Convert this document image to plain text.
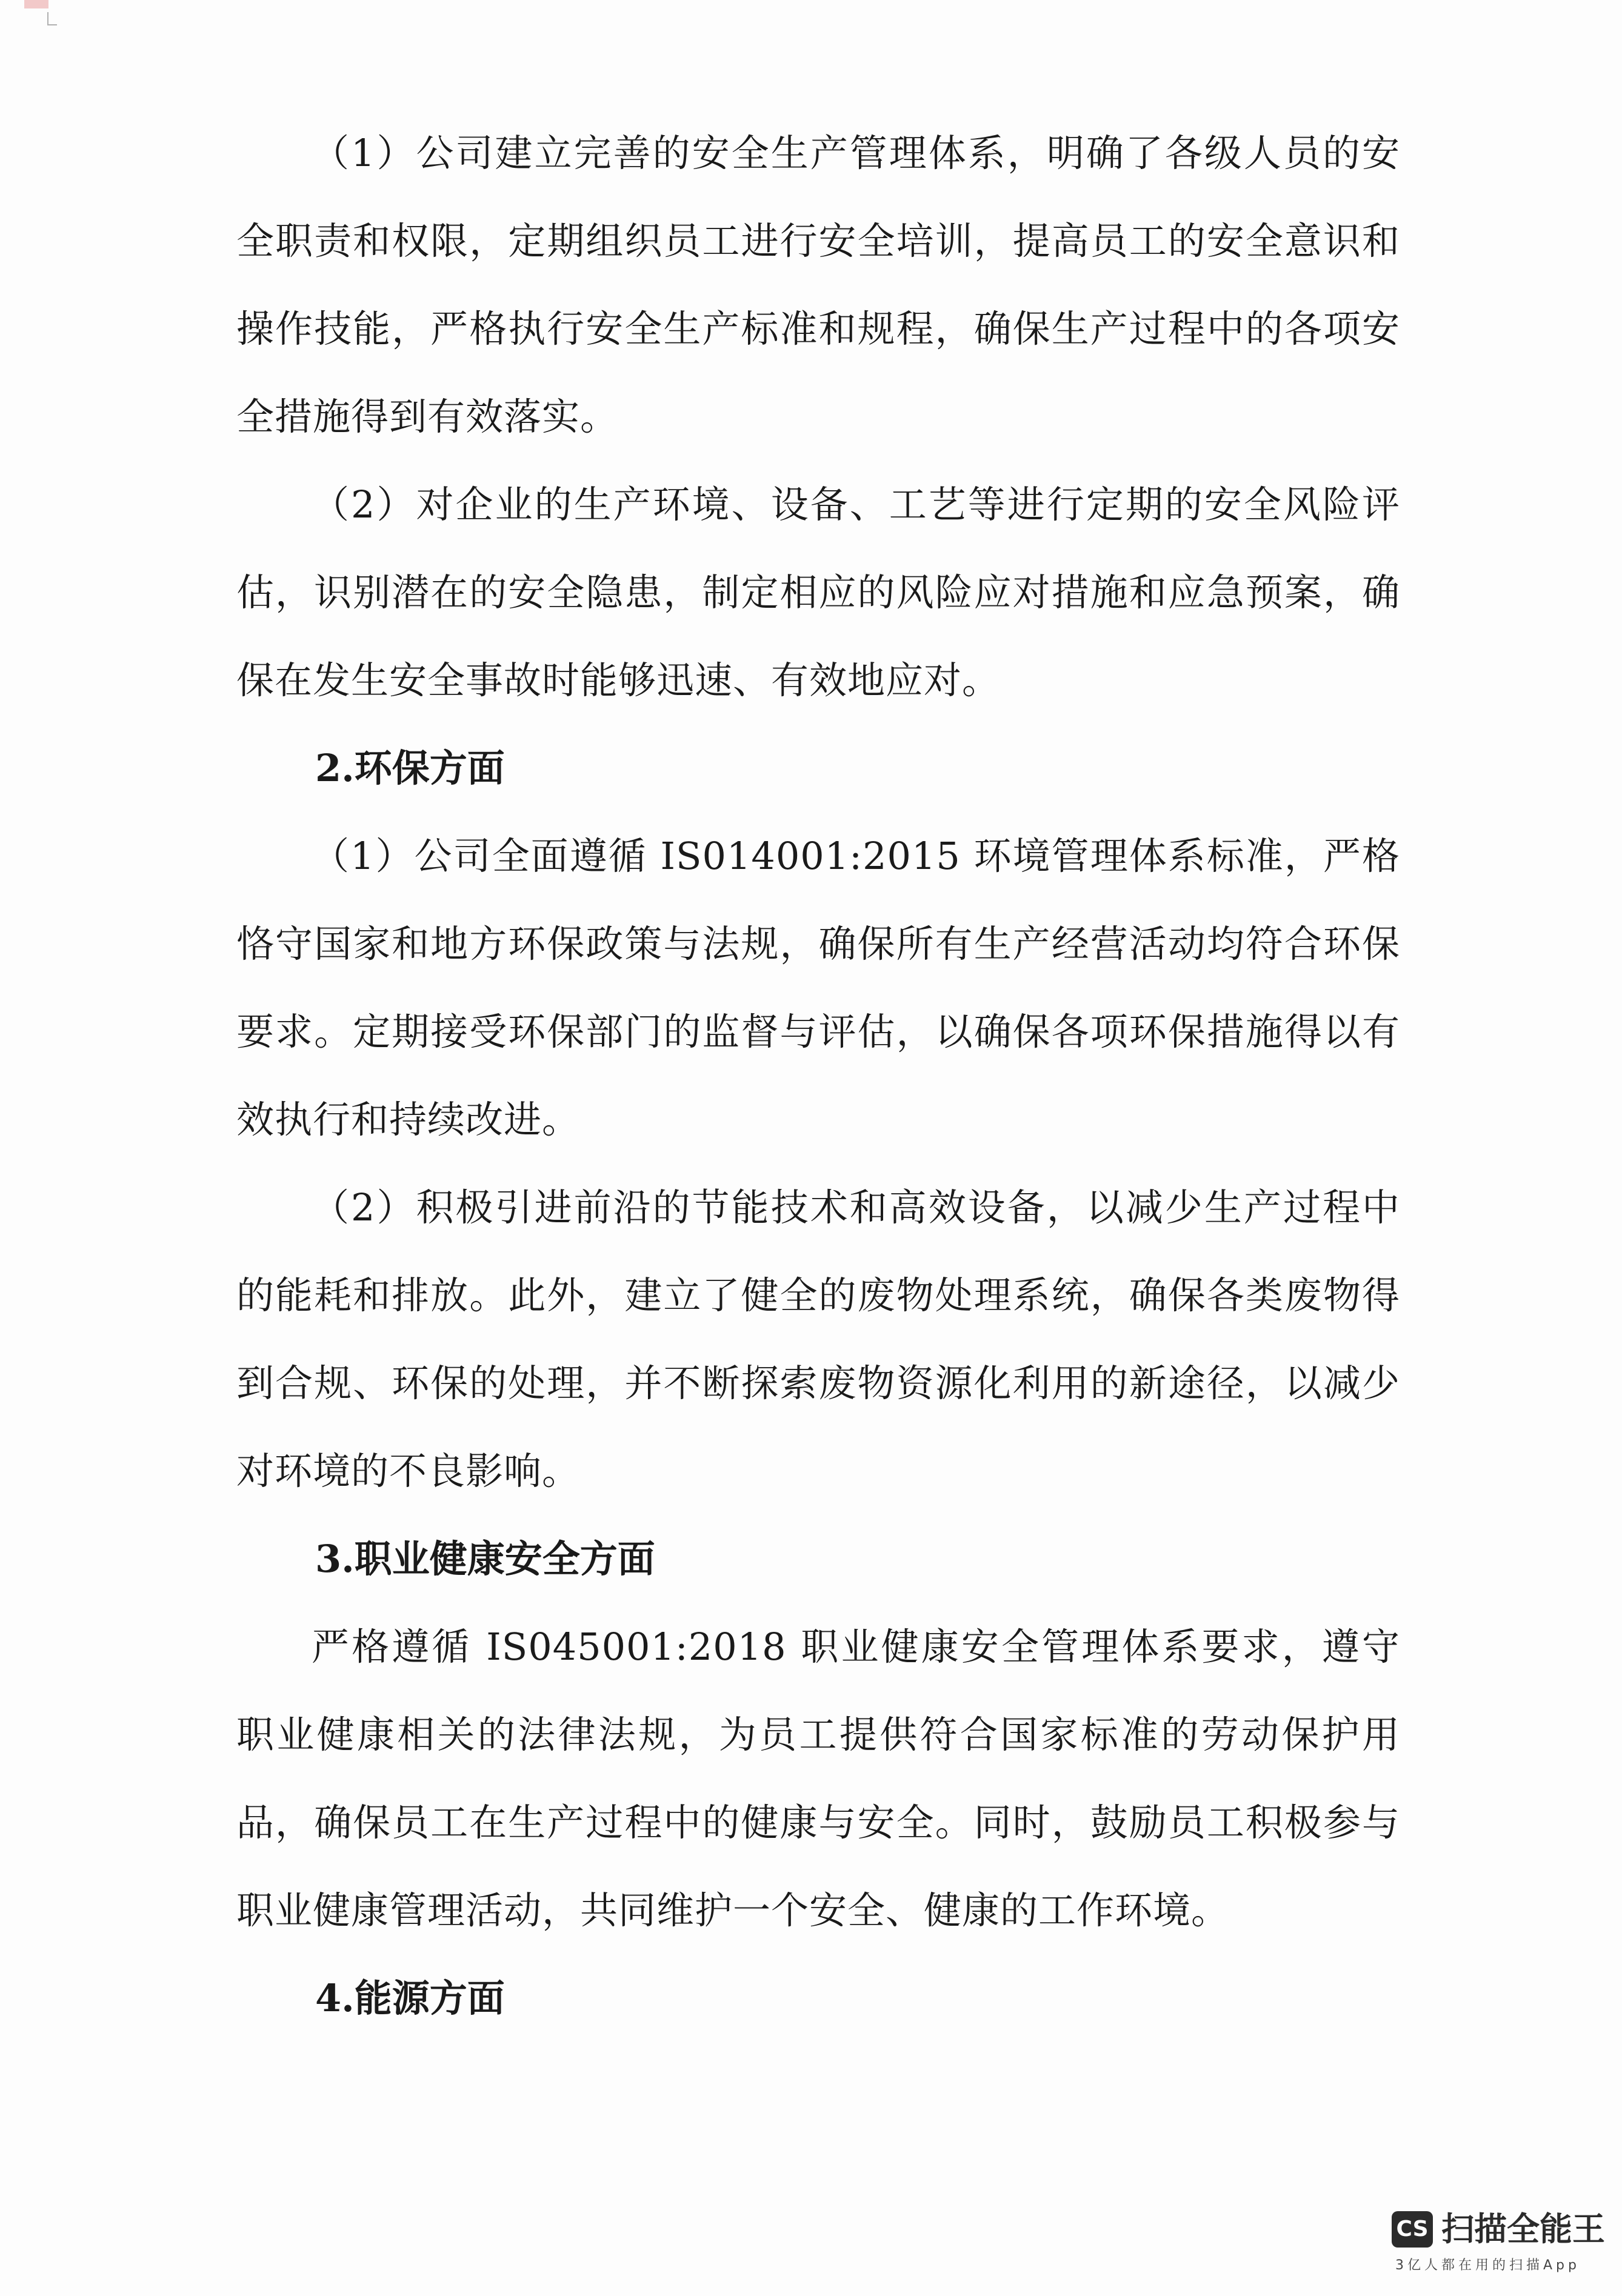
（1）公司建立完善的安全生产管理体系，明确了各级人员的安全职责和权限，定期组织员工进行安全培训，提高员工的安全意识和操作技能，严格执行安全生产标准和规程，确保生产过程中的各项安全措施得到有效落实。

（2）对企业的生产环境、设备、工艺等进行定期的安全风险评估，识别潜在的安全隐患，制定相应的风险应对措施和应急预案，确保在发生安全事故时能够迅速、有效地应对。

2.环保方面

（1）公司全面遵循 IS014001:2015 环境管理体系标准，严格恪守国家和地方环保政策与法规，确保所有生产经营活动均符合环保要求。定期接受环保部门的监督与评估，以确保各项环保措施得以有效执行和持续改进。

（2）积极引进前沿的节能技术和高效设备，以减少生产过程中的能耗和排放。此外，建立了健全的废物处理系统，确保各类废物得到合规、环保的处理，并不断探索废物资源化利用的新途径，以减少对环境的不良影响。

3.职业健康安全方面

严格遵循 IS045001:2018 职业健康安全管理体系要求，遵守职业健康相关的法律法规，为员工提供符合国家标准的劳动保护用品，确保员工在生产过程中的健康与安全。同时，鼓励员工积极参与职业健康管理活动，共同维护一个安全、健康的工作环境。

4.能源方面

CS 扫描全能王
3亿人都在用的扫描App
